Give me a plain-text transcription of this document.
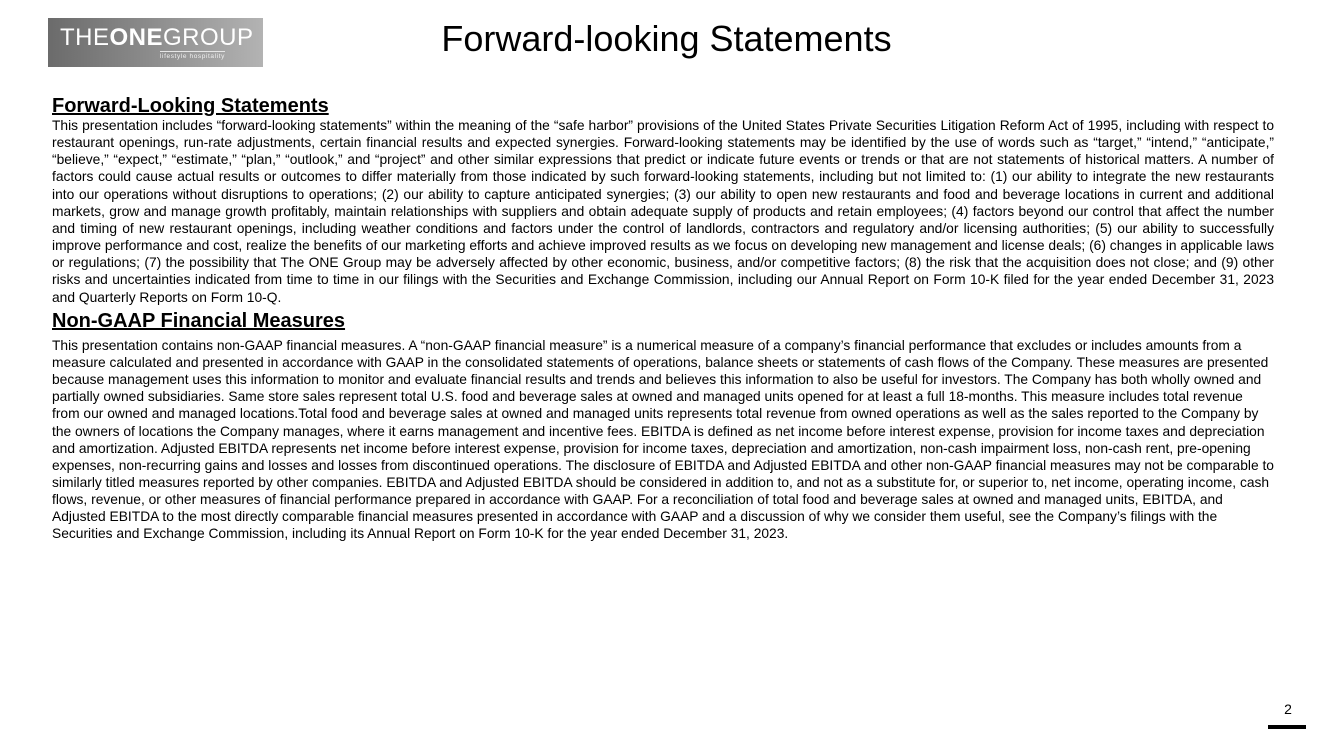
THEONEGROUP
lifestyle hospitality	Forward-looking Statements
Forward-Looking Statements

This presentation includes “forward-looking statements” within the meaning of the “safe harbor” provisions of the United States Private Securities Litigation Reform Act of 1995, including with respect to restaurant openings, run-rate adjustments, certain financial results and expected synergies. Forward-looking statements may be identified by the use of words such as “target,” “intend,” “anticipate,” “believe,” “expect,” “estimate,” “plan,” “outlook,” and “project” and other similar expressions that predict or indicate future events or trends or that are not statements of historical matters. A number of factors could cause actual results or outcomes to differ materially from those indicated by such forward-looking statements, including but not limited to: (1) our ability to integrate the new restaurants into our operations without disruptions to operations; (2) our ability to capture anticipated synergies; (3) our ability to open new restaurants and food and beverage locations in current and additional markets, grow and manage growth profitably, maintain relationships with suppliers and obtain adequate supply of products and retain employees; (4) factors beyond our control that affect the number and timing of new restaurant openings, including weather conditions and factors under the control of landlords, contractors and regulatory and/or licensing authorities; (5) our ability to successfully improve performance and cost, realize the benefits of our marketing efforts and achieve improved results as we focus on developing new management and license deals; (6) changes in applicable laws or regulations; (7) the possibility that The ONE Group may be adversely affected by other economic, business, and/or competitive factors; (8) the risk that the acquisition does not close; and (9) other risks and uncertainties indicated from time to time in our filings with the Securities and Exchange Commission, including our Annual Report on Form 10-K filed for the year ended December 31, 2023 and Quarterly Reports on Form 10-Q.

Non-GAAP Financial Measures

This presentation contains non-GAAP financial measures. A “non-GAAP financial measure” is a numerical measure of a company’s financial performance that excludes or includes amounts from a measure calculated and presented in accordance with GAAP in the consolidated statements of operations, balance sheets or statements of cash flows of the Company. These measures are presented because management uses this information to monitor and evaluate financial results and trends and believes this information to also be useful for investors. The Company has both wholly owned and partially owned subsidiaries. Same store sales represent total U.S. food and beverage sales at owned and managed units opened for at least a full 18-months. This measure includes total revenue from our owned and managed locations.Total food and beverage sales at owned and managed units represents total revenue from owned operations as well as the sales reported to the Company by the owners of locations the Company manages, where it earns management and incentive fees. EBITDA is defined as net income before interest expense, provision for income taxes and depreciation and amortization. Adjusted EBITDA represents net income before interest expense, provision for income taxes, depreciation and amortization, non-cash impairment loss, non-cash rent, pre-opening expenses, non-recurring gains and losses and losses from discontinued operations. The disclosure of EBITDA and Adjusted EBITDA and other non-GAAP financial measures may not be comparable to similarly titled measures reported by other companies. EBITDA and Adjusted EBITDA should be considered in addition to, and not as a substitute for, or superior to, net income, operating income, cash flows, revenue, or other measures of financial performance prepared in accordance with GAAP. For a reconciliation of total food and beverage sales at owned and managed units, EBITDA, and Adjusted EBITDA to the most directly comparable financial measures presented in accordance with GAAP and a discussion of why we consider them useful, see the Company’s filings with the Securities and Exchange Commission, including its Annual Report on Form 10-K for the year ended December 31, 2023.

2
